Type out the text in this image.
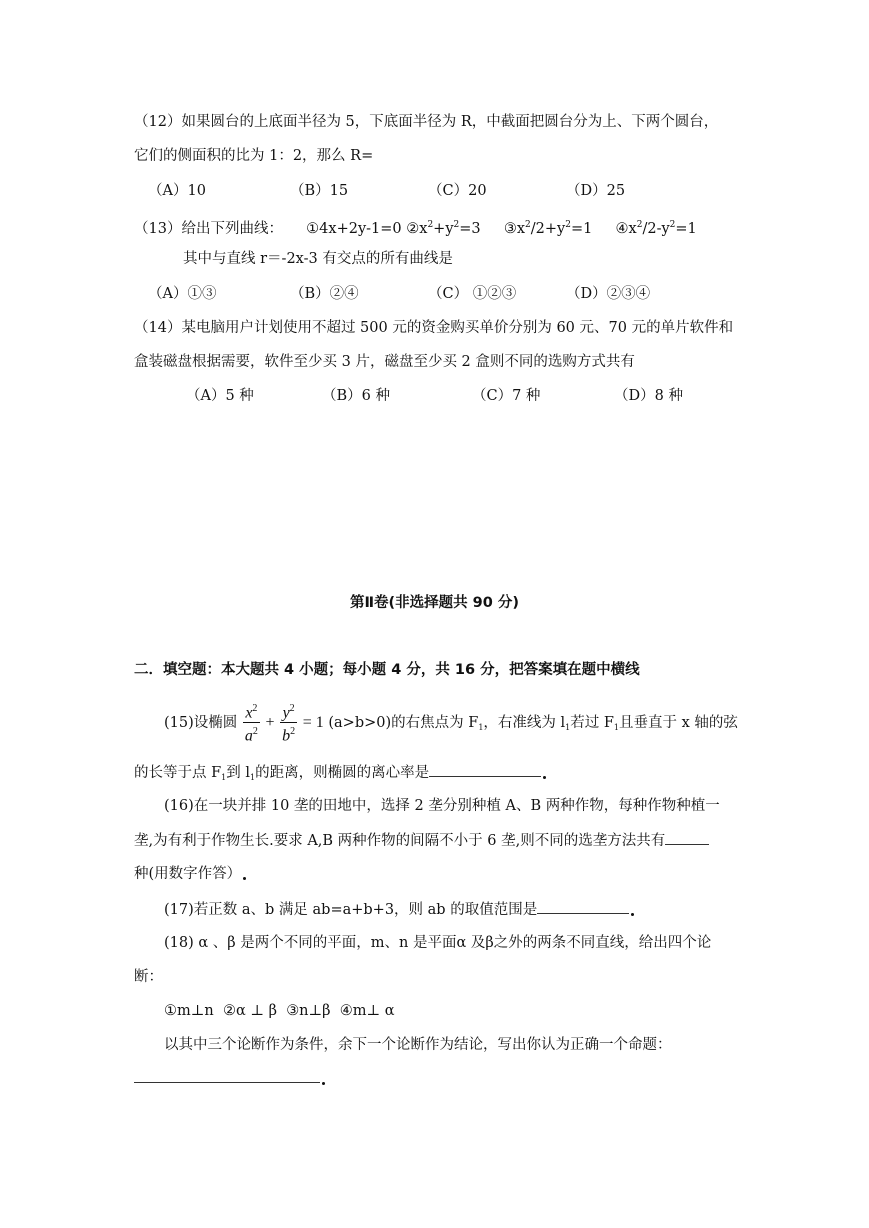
（12）如果圆台的上底面半径为 5，下底面半径为 R，中截面把圆台分为上、下两个圆台，
它们的侧面积的比为 1：2，那么 R=
（A）10	（B）15	（C）20	（D）25
（13）给出下列曲线： ①4x+2y-1=0 $②x^2+y^2=3$ $③x^2/2+y^2=1$ $④x^2/2-y^2=1$
其中与直线 r＝-2x-3 有交点的所有曲线是
（A）①③	（B）②④	（C） ①②③	（D）②③④
（14）某电脑用户计划使用不超过 500 元的资金购买单价分别为 60 元、70 元的单片软件和
盒装磁盘根据需要，软件至少买 3 片，磁盘至少买 2 盒则不同的选购方式共有
（A）5 种	（B）6 种	（C）7 种	（D）8 种
第Ⅱ卷(非选择题共 90 分)
二．填空题：本大题共 4 小题；每小题 4 分，共 16 分，把答案填在题中横线
(15)设椭圆 $\frac{x^2}{a^2} + \frac{y^2}{b^2} = 1$ (a>b>0)的右焦点为 $F_1$，右准线为 $l_1$若过 $F_1$且垂直于 x 轴的弦
的长等于点 $F_1$到 $l_1$的距离，则椭圆的离心率是
(16)在一块并排 10 垄的田地中，选择 2 垄分别种植 A、B 两种作物，每种作物种植一
垄,为有利于作物生长.要求 A,B 两种作物的间隔不小于 6 垄,则不同的选垄方法共有
种(用数字作答）
(17)若正数 a、b 满足 ab=a+b+3，则 ab 的取值范围是
(18) α 、β 是两个不同的平面，m、n 是平面α 及β之外的两条不同直线，给出四个论
断：
①m⊥n  ②α ⊥ β  ③n⊥β  ④m⊥ α
以其中三个论断作为条件，余下一个论断作为结论，写出你认为正确一个命题：
